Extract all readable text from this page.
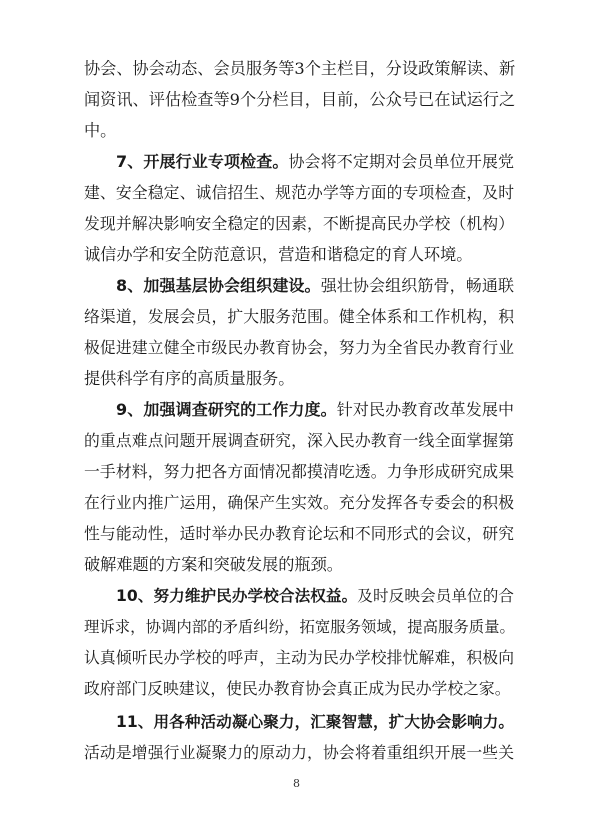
协会、协会动态、会员服务等3个主栏目，分设政策解读、新
闻资讯、评估检查等9个分栏目，目前，公众号已在试运行之
中。
7、开展行业专项检查。协会将不定期对会员单位开展党
建、安全稳定、诚信招生、规范办学等方面的专项检查，及时
发现并解决影响安全稳定的因素，不断提高民办学校（机构）
诚信办学和安全防范意识，营造和谐稳定的育人环境。
8、加强基层协会组织建设。强壮协会组织筋骨，畅通联
络渠道，发展会员，扩大服务范围。健全体系和工作机构，积
极促进建立健全市级民办教育协会，努力为全省民办教育行业
提供科学有序的高质量服务。
9、加强调查研究的工作力度。针对民办教育改革发展中
的重点难点问题开展调查研究，深入民办教育一线全面掌握第
一手材料，努力把各方面情况都摸清吃透。力争形成研究成果
在行业内推广运用，确保产生实效。充分发挥各专委会的积极
性与能动性，适时举办民办教育论坛和不同形式的会议，研究
破解难题的方案和突破发展的瓶颈。
10、努力维护民办学校合法权益。及时反映会员单位的合
理诉求，协调内部的矛盾纠纷，拓宽服务领域，提高服务质量。
认真倾听民办学校的呼声，主动为民办学校排忧解难，积极向
政府部门反映建议，使民办教育协会真正成为民办学校之家。
11、用各种活动凝心聚力，汇聚智慧，扩大协会影响力。
活动是增强行业凝聚力的原动力，协会将着重组织开展一些关
8
